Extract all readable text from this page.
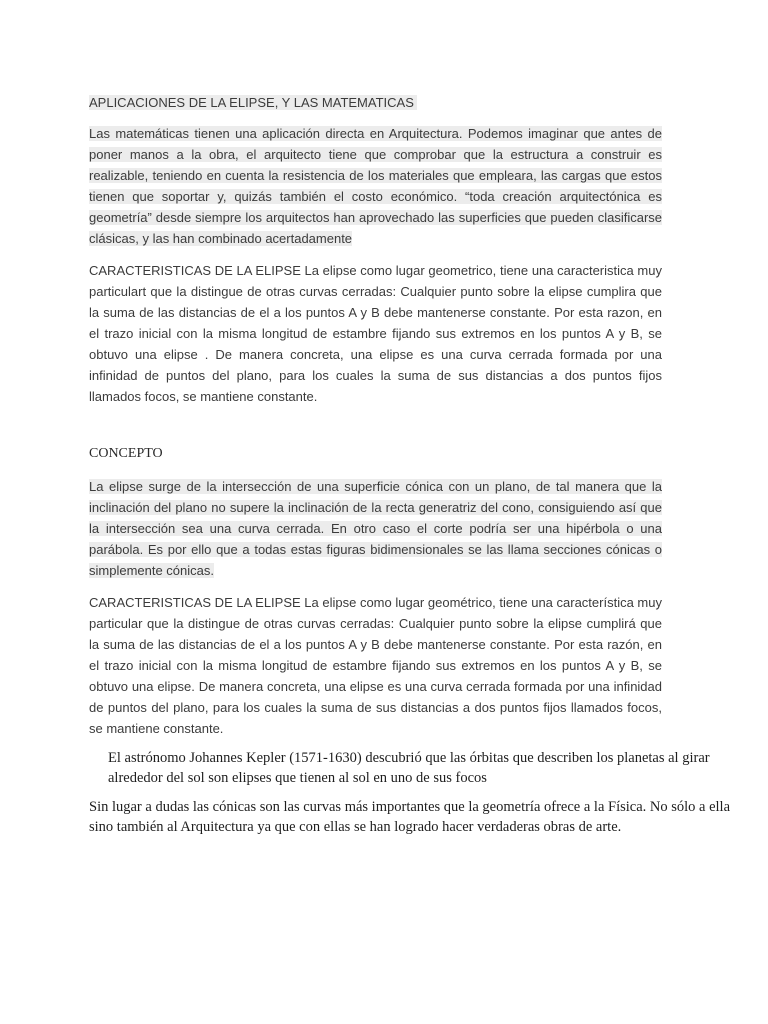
APLICACIONES DE LA ELIPSE, Y LAS MATEMATICAS
Las matemáticas tienen una aplicación directa en Arquitectura. Podemos imaginar que antes de poner manos a la obra, el arquitecto tiene que comprobar que la estructura a construir es realizable, teniendo en cuenta la resistencia de los materiales que empleara, las cargas que estos tienen que soportar y, quizás también el costo económico. “toda creación arquitectónica es geometría” desde siempre los arquitectos han aprovechado las superficies que pueden clasificarse clásicas, y las han combinado acertadamente
CARACTERISTICAS DE LA ELIPSE La elipse como lugar geometrico, tiene una caracteristica muy particulart que la distingue de otras curvas cerradas: Cualquier punto sobre la elipse cumplira que la suma de las distancias de el a los puntos A y B debe mantenerse constante. Por esta razon, en el trazo inicial con la misma longitud de estambre fijando sus extremos en los puntos A y B, se obtuvo una elipse . De manera concreta, una elipse es una curva cerrada formada por una infinidad de puntos del plano, para los cuales la suma de sus distancias a dos puntos fijos llamados focos, se mantiene constante.
CONCEPTO
La elipse surge de la intersección de una superficie cónica con un plano, de tal manera que la inclinación del plano no supere la inclinación de la recta generatriz del cono, consiguiendo así que la intersección sea una curva cerrada. En otro caso el corte podría ser una hipérbola o una parábola. Es por ello que a todas estas figuras bidimensionales se las llama secciones cónicas o simplemente cónicas.
CARACTERISTICAS DE LA ELIPSE La elipse como lugar geométrico, tiene una característica muy particular que la distingue de otras curvas cerradas: Cualquier punto sobre la elipse cumplirá que la suma de las distancias de el a los puntos A y B debe mantenerse constante. Por esta razón, en el trazo inicial con la misma longitud de estambre fijando sus extremos en los puntos A y B, se obtuvo una elipse. De manera concreta, una elipse es una curva cerrada formada por una infinidad de puntos del plano, para los cuales la suma de sus distancias a dos puntos fijos llamados focos, se mantiene constante.
El astrónomo Johannes Kepler (1571-1630) descubrió que las órbitas que describen los planetas al girar alrededor del sol son elipses que tienen al sol en uno de sus focos
Sin lugar a dudas las cónicas son las curvas más importantes que la geometría ofrece a la Física. No sólo a ella sino también al Arquitectura ya que con ellas se han logrado hacer verdaderas obras de arte.
